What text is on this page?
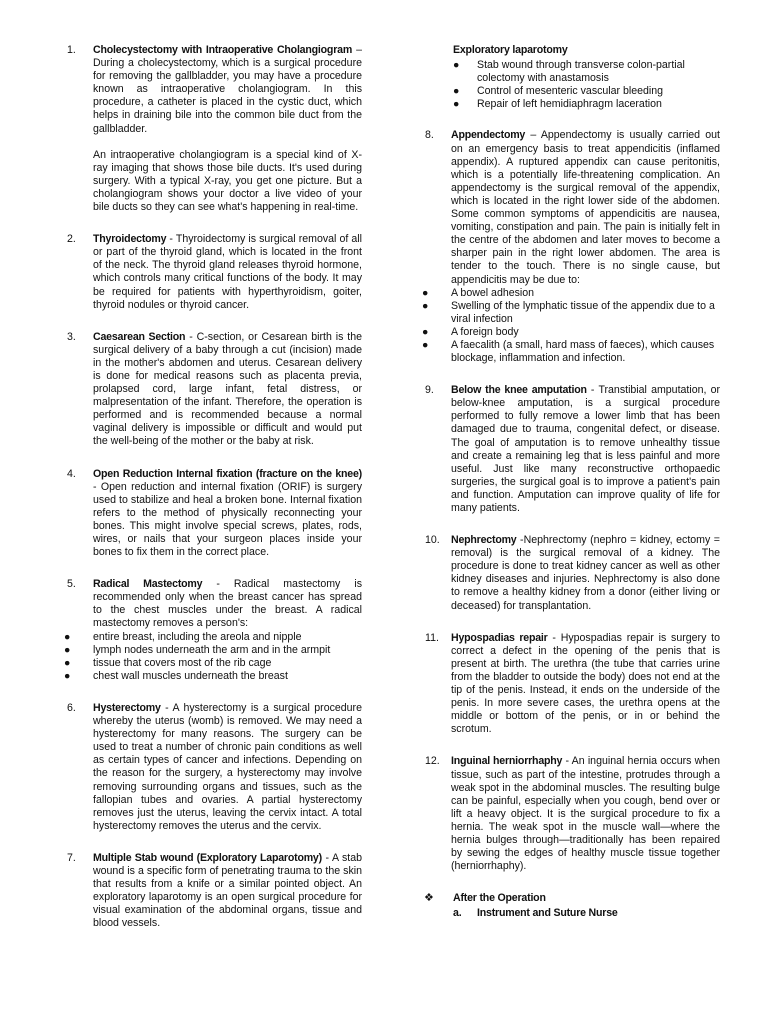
1. Cholecystectomy with Intraoperative Cholangiogram – During a cholecystectomy, which is a surgical procedure for removing the gallbladder, you may have a procedure known as intraoperative cholangiogram. In this procedure, a catheter is placed in the cystic duct, which helps in draining bile into the common bile duct from the gallbladder.

An intraoperative cholangiogram is a special kind of X-ray imaging that shows those bile ducts. It's used during surgery. With a typical X-ray, you get one picture. But a cholangiogram shows your doctor a live video of your bile ducts so they can see what's happening in real-time.

2. Thyroidectomy - Thyroidectomy is surgical removal of all or part of the thyroid gland, which is located in the front of the neck. The thyroid gland releases thyroid hormone, which controls many critical functions of the body. It may be required for patients with hyperthyroidism, goiter, thyroid nodules or thyroid cancer.

3. Caesarean Section - C-section, or Cesarean birth is the surgical delivery of a baby through a cut (incision) made in the mother's abdomen and uterus. Cesarean delivery is done for medical reasons such as placenta previa, prolapsed cord, large infant, fetal distress, or malpresentation of the infant. Therefore, the operation is performed and is recommended because a normal vaginal delivery is impossible or difficult and would put the well-being of the mother or the baby at risk.

4. Open Reduction Internal fixation (fracture on the knee) - Open reduction and internal fixation (ORIF) is surgery used to stabilize and heal a broken bone. Internal fixation refers to the method of physically reconnecting your bones. This might involve special screws, plates, rods, wires, or nails that your surgeon places inside your bones to fix them in the correct place.

5. Radical Mastectomy - Radical mastectomy is recommended only when the breast cancer has spread to the chest muscles under the breast. A radical mastectomy removes a person's:

● entire breast, including the areola and nipple
● lymph nodes underneath the arm and in the armpit
● tissue that covers most of the rib cage
● chest wall muscles underneath the breast
6. Hysterectomy - A hysterectomy is a surgical procedure whereby the uterus (womb) is removed. We may need a hysterectomy for many reasons. The surgery can be used to treat a number of chronic pain conditions as well as certain types of cancer and infections. Depending on the reason for the surgery, a hysterectomy may involve removing surrounding organs and tissues, such as the fallopian tubes and ovaries. A partial hysterectomy removes just the uterus, leaving the cervix intact. A total hysterectomy removes the uterus and the cervix.

7. Multiple Stab wound (Exploratory Laparotomy) - A stab wound is a specific form of penetrating trauma to the skin that results from a knife or a similar pointed object. An exploratory laparotomy is an open surgical procedure for visual examination of the abdominal organs, tissue and blood vessels.

Exploratory laparotomy
● Stab wound through transverse colon-partial colectomy with anastamosis
● Control of mesenteric vascular bleeding
● Repair of left hemidiaphragm laceration
8. Appendectomy – Appendectomy is usually carried out on an emergency basis to treat appendicitis (inflamed appendix). A ruptured appendix can cause peritonitis, which is a potentially life-threatening complication. An appendectomy is the surgical removal of the appendix, which is located in the right lower side of the abdomen. Some common symptoms of appendicitis are nausea, vomiting, constipation and pain. The pain is initially felt in the centre of the abdomen and later moves to become a sharper pain in the right lower abdomen. The area is tender to the touch. There is no single cause, but appendicitis may be due to:

● A bowel adhesion
● Swelling of the lymphatic tissue of the appendix due to a viral infection
● A foreign body
● A faecalith (a small, hard mass of faeces), which causes blockage, inflammation and infection.
9. Below the knee amputation - Transtibial amputation, or below-knee amputation, is a surgical procedure performed to fully remove a lower limb that has been damaged due to trauma, congenital defect, or disease. The goal of amputation is to remove unhealthy tissue and create a remaining leg that is less painful and more useful. Just like many reconstructive orthopaedic surgeries, the surgical goal is to improve a patient's pain and function. Amputation can improve quality of life for many patients.

10. Nephrectomy -Nephrectomy (nephro = kidney, ectomy = removal) is the surgical removal of a kidney. The procedure is done to treat kidney cancer as well as other kidney diseases and injuries. Nephrectomy is also done to remove a healthy kidney from a donor (either living or deceased) for transplantation.

11. Hypospadias repair - Hypospadias repair is surgery to correct a defect in the opening of the penis that is present at birth. The urethra (the tube that carries urine from the bladder to outside the body) does not end at the tip of the penis. Instead, it ends on the underside of the penis. In more severe cases, the urethra opens at the middle or bottom of the penis, or in or behind the scrotum.

12. Inguinal herniorrhaphy - An inguinal hernia occurs when tissue, such as part of the intestine, protrudes through a weak spot in the abdominal muscles. The resulting bulge can be painful, especially when you cough, bend over or lift a heavy object. It is the surgical procedure to fix a hernia. The weak spot in the muscle wall—where the hernia bulges through—traditionally has been repaired by sewing the edges of healthy muscle tissue together (herniorrhaphy).

❖ After the Operation
a. Instrument and Suture Nurse
